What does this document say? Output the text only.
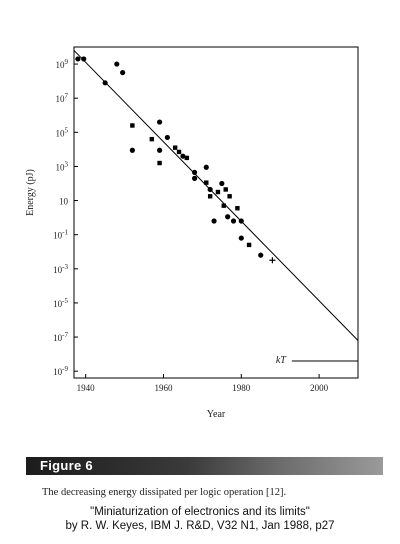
$10^9$
$10^7$
$10^5$
$10^3$
10
$10^{-1}$
$10^{-3}$
$10^{-5}$
$10^{-7}$
$10^{-9}$
1940	1960	1980	2000
kT
Year
Energy (pJ)
Figure 6
The decreasing energy dissipated per logic operation [12].
"Miniaturization of electronics and its limits"
by R. W. Keyes, IBM J. R&D, V32 N1, Jan 1988, p27
